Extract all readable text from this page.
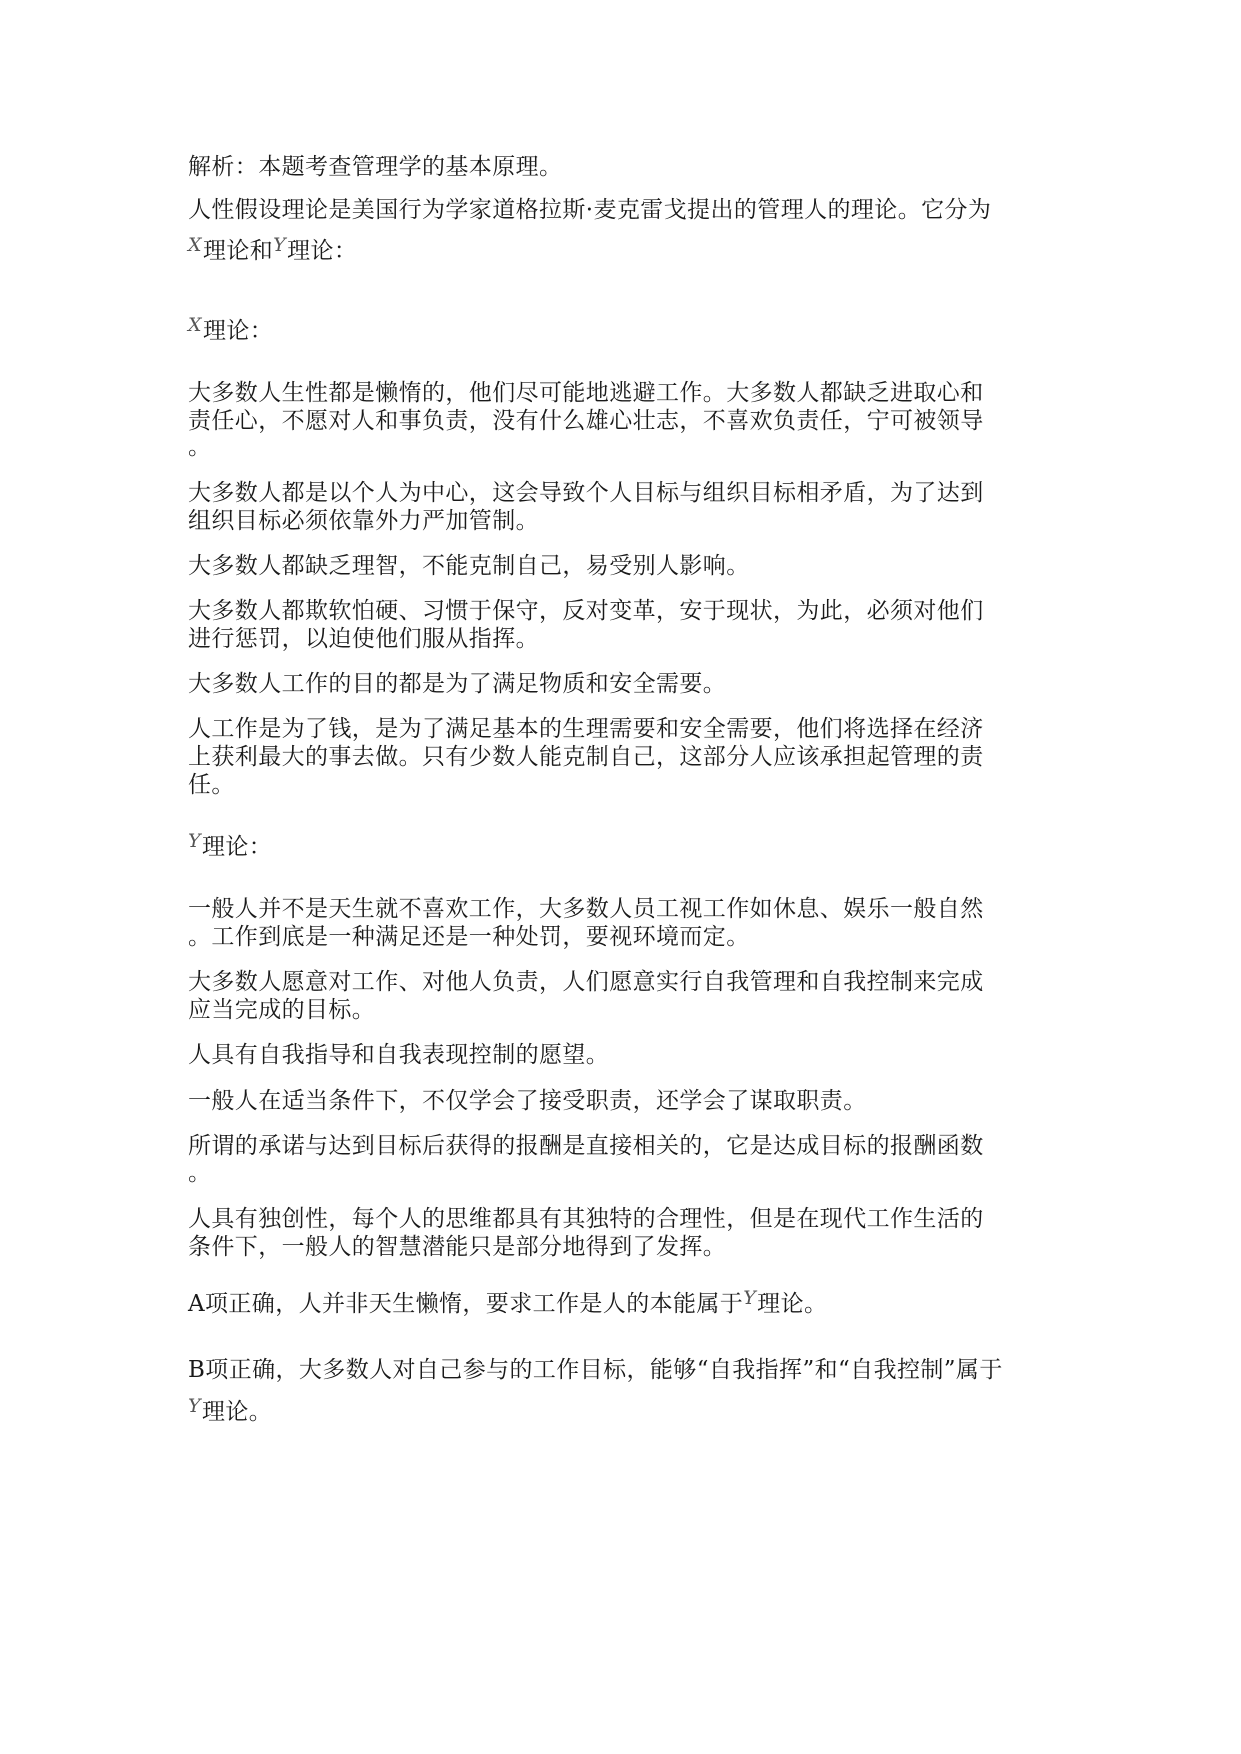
解析：本题考查管理学的基本原理。
人性假设理论是美国行为学家道格拉斯·麦克雷戈提出的管理人的理论。它分为
$^X$理论和$^Y$理论：
$^X$理论：
大多数人生性都是懒惰的，他们尽可能地逃避工作。大多数人都缺乏进取心和
责任心，不愿对人和事负责，没有什么雄心壮志，不喜欢负责任，宁可被领导
。
大多数人都是以个人为中心，这会导致个人目标与组织目标相矛盾，为了达到
组织目标必须依靠外力严加管制。
大多数人都缺乏理智，不能克制自己，易受别人影响。
大多数人都欺软怕硬、习惯于保守，反对变革，安于现状，为此，必须对他们
进行惩罚，以迫使他们服从指挥。
大多数人工作的目的都是为了满足物质和安全需要。
人工作是为了钱，是为了满足基本的生理需要和安全需要，他们将选择在经济
上获利最大的事去做。只有少数人能克制自己，这部分人应该承担起管理的责
任。
$^Y$理论：
一般人并不是天生就不喜欢工作，大多数人员工视工作如休息、娱乐一般自然
。工作到底是一种满足还是一种处罚，要视环境而定。
大多数人愿意对工作、对他人负责，人们愿意实行自我管理和自我控制来完成
应当完成的目标。
人具有自我指导和自我表现控制的愿望。
一般人在适当条件下，不仅学会了接受职责，还学会了谋取职责。
所谓的承诺与达到目标后获得的报酬是直接相关的，它是达成目标的报酬函数
。
人具有独创性，每个人的思维都具有其独特的合理性，但是在现代工作生活的
条件下，一般人的智慧潜能只是部分地得到了发挥。
A项正确，人并非天生懒惰，要求工作是人的本能属于$^Y$理论。
B项正确，大多数人对自己参与的工作目标，能够“自我指挥”和“自我控制”属于
$^Y$理论。
